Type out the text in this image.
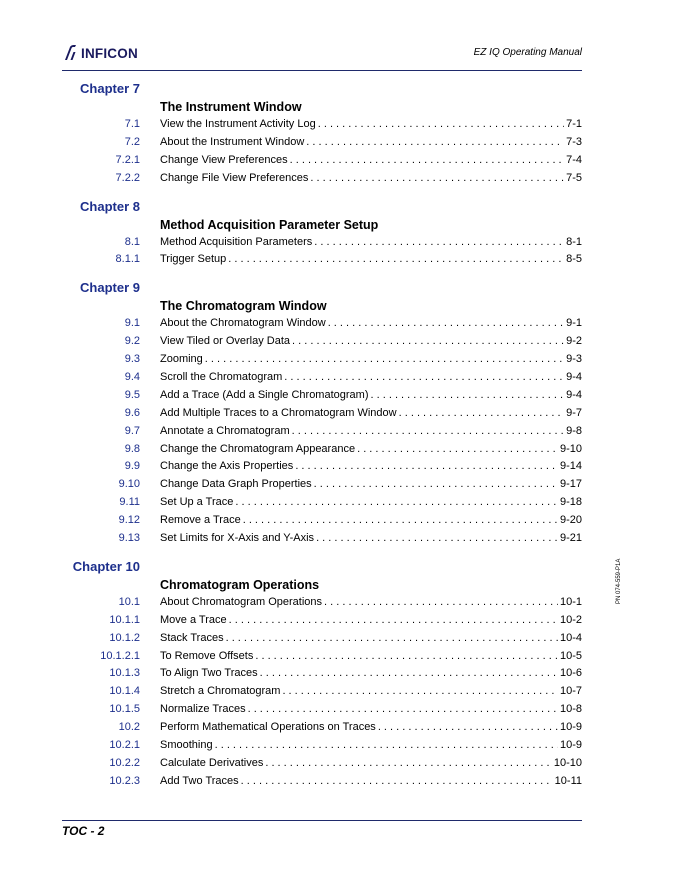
INFICON	EZ IQ Operating Manual
Chapter 7
The Instrument Window
7.1 View the Instrument Activity Log . . .	7-1
7.2 About the Instrument Window . . .	7-3
7.2.1 Change View Preferences . . .	7-4
7.2.2 Change File View Preferences . . .	7-5
Chapter 8
Method Acquisition Parameter Setup
8.1 Method Acquisition Parameters . . .	8-1
8.1.1 Trigger Setup . . .	8-5
Chapter 9
The Chromatogram Window
9.1 About the Chromatogram Window . . .	9-1
9.2 View Tiled or Overlay Data . . .	9-2
9.3 Zooming . . .	9-3
9.4 Scroll the Chromatogram . . .	9-4
9.5 Add a Trace (Add a Single Chromatogram) . . .	9-4
9.6 Add Multiple Traces to a Chromatogram Window . . .	9-7
9.7 Annotate a Chromatogram . . .	9-8
9.8 Change the Chromatogram Appearance . . .	9-10
9.9 Change the Axis Properties . . .	9-14
9.10 Change Data Graph Properties . . .	9-17
9.11 Set Up a Trace . . .	9-18
9.12 Remove a Trace . . .	9-20
9.13 Set Limits for X-Axis and Y-Axis . . .	9-21
Chapter 10
Chromatogram Operations
10.1 About Chromatogram Operations . . .	10-1
10.1.1 Move a Trace . . .	10-2
10.1.2 Stack Traces . . .	10-4
10.1.2.1 To Remove Offsets . . .	10-5
10.1.3 To Align Two Traces . . .	10-6
10.1.4 Stretch a Chromatogram . . .	10-7
10.1.5 Normalize Traces . . .	10-8
10.2 Perform Mathematical Operations on Traces . . .	10-9
10.2.1 Smoothing . . .	10-9
10.2.2 Calculate Derivatives . . .	10-10
10.2.3 Add Two Traces . . .	10-11
PN 074-559-P1A
TOC - 2
